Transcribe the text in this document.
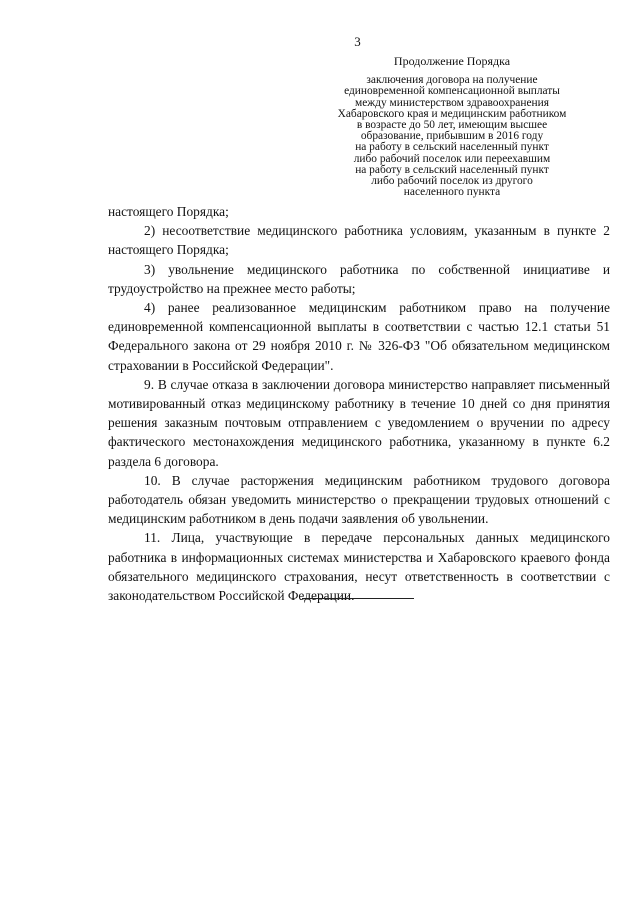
3
Продолжение Порядка
заключения договора на получение
единовременной компенсационной выплаты
между министерством здравоохранения
Хабаровского края и медицинским работником
в возрасте до 50 лет, имеющим высшее
образование, прибывшим в 2016 году
на работу в сельский населенный пункт
либо рабочий поселок или переехавшим
на работу в сельский населенный пункт
либо рабочий поселок из другого
населенного пункта

настоящего Порядка;

2) несоответствие медицинского работника условиям, указанным в пункте 2 настоящего Порядка;

3) увольнение медицинского работника по собственной инициативе и трудоустройство на прежнее место работы;

4) ранее реализованное медицинским работником право на получение единовременной компенсационной выплаты в соответствии с частью 12.1 статьи 51 Федерального закона от 29 ноября 2010 г. № 326-ФЗ "Об обязательном медицинском страховании в Российской Федерации".

9. В случае отказа в заключении договора министерство направляет письменный мотивированный отказ медицинскому работнику в течение 10 дней со дня принятия решения заказным почтовым отправлением с уведомлением о вручении по адресу фактического местонахождения медицинского работника, указанному в пункте 6.2 раздела 6 договора.

10. В случае расторжения медицинским работником трудового договора работодатель обязан уведомить министерство о прекращении трудовых отношений с медицинским работником в день подачи заявления об увольнении.

11. Лица, участвующие в передаче персональных данных медицинского работника в информационных системах министерства и Хабаровского краевого фонда обязательного медицинского страхования, несут ответственность в соответствии с законодательством Российской Федерации.
